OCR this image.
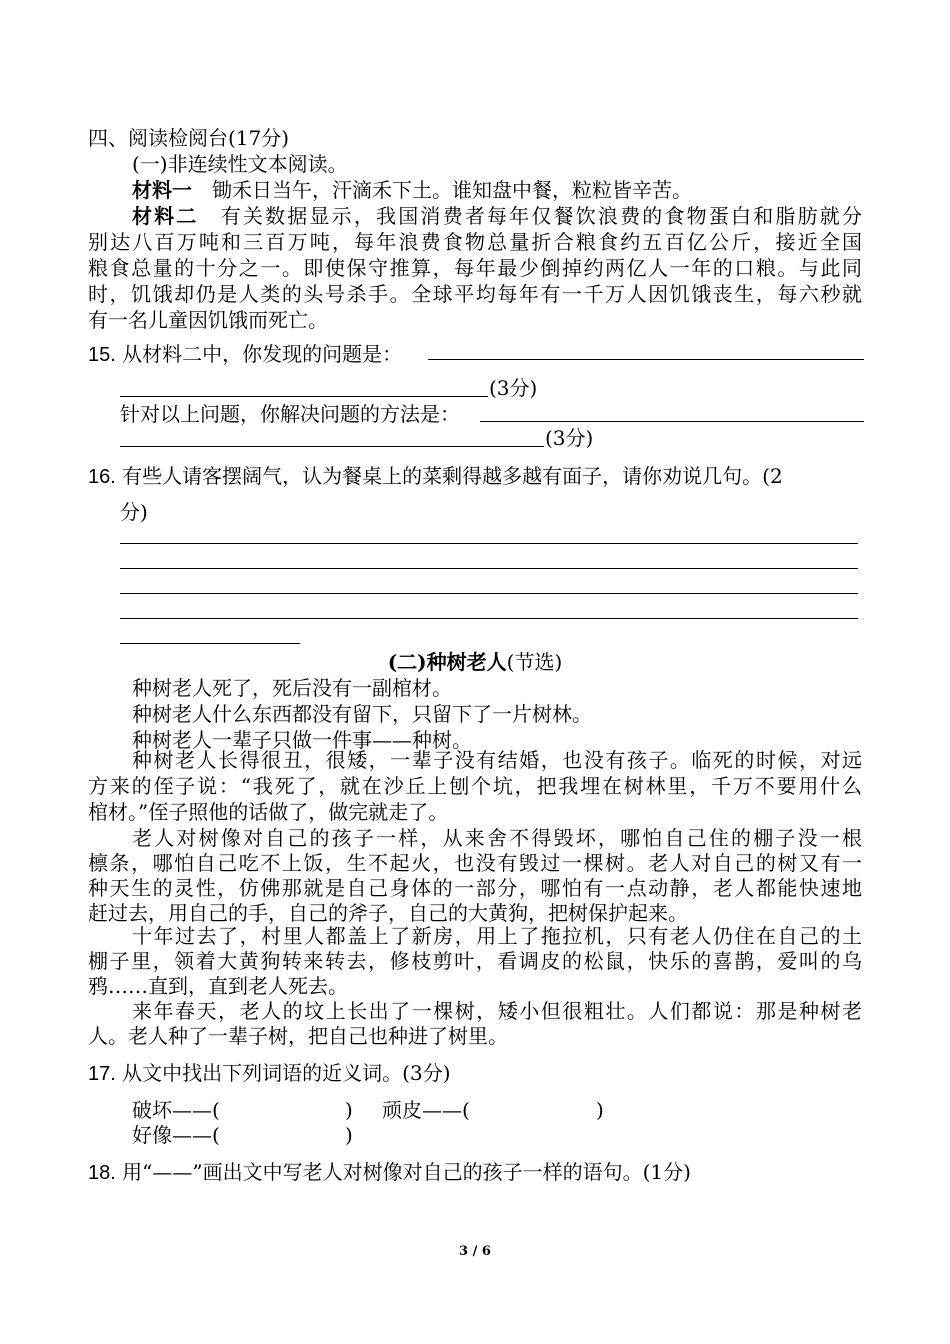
四、阅读检阅台(17分)
(一)非连续性文本阅读。
材料一  锄禾日当午，汗滴禾下土。谁知盘中餐，粒粒皆辛苦。
材料二  有关数据显示，我国消费者每年仅餐饮浪费的食物蛋白和脂肪就分
别达八百万吨和三百万吨，每年浪费食物总量折合粮食约五百亿公斤，接近全国
粮食总量的十分之一。即使保守推算，每年最少倒掉约两亿人一年的口粮。与此同
时，饥饿却仍是人类的头号杀手。全球平均每年有一千万人因饥饿丧生，每六秒就
有一名儿童因饥饿而死亡。
15. 从材料二中，你发现的问题是：
(3分)
针对以上问题，你解决问题的方法是：
(3分)
16. 有些人请客摆阔气，认为餐桌上的菜剩得越多越有面子，请你劝说几句。(2
分)
(二)种树老人(节选)
种树老人死了，死后没有一副棺材。
种树老人什么东西都没有留下，只留下了一片树林。
种树老人一辈子只做一件事——种树。
种树老人长得很丑，很矮，一辈子没有结婚，也没有孩子。临死的时候，对远
方来的侄子说：“我死了，就在沙丘上刨个坑，把我埋在树林里，千万不要用什么
棺材。”侄子照他的话做了，做完就走了。
老人对树像对自己的孩子一样，从来舍不得毁坏，哪怕自己住的棚子没一根
檩条，哪怕自己吃不上饭，生不起火，也没有毁过一棵树。老人对自己的树又有一
种天生的灵性，仿佛那就是自己身体的一部分，哪怕有一点动静，老人都能快速地
赶过去，用自己的手，自己的斧子，自己的大黄狗，把树保护起来。
十年过去了，村里人都盖上了新房，用上了拖拉机，只有老人仍住在自己的土
棚子里，领着大黄狗转来转去，修枝剪叶，看调皮的松鼠，快乐的喜鹊，爱叫的乌
鸦……直到，直到老人死去。
来年春天，老人的坟上长出了一棵树，矮小但很粗壮。人们都说：那是种树老
人。老人种了一辈子树，把自己也种进了树里。
17. 从文中找出下列词语的近义词。(3分)
破坏——(	) 顽皮——(	)
好像——(	)
18. 用“——”画出文中写老人对树像对自己的孩子一样的语句。(1分)
3 / 6
